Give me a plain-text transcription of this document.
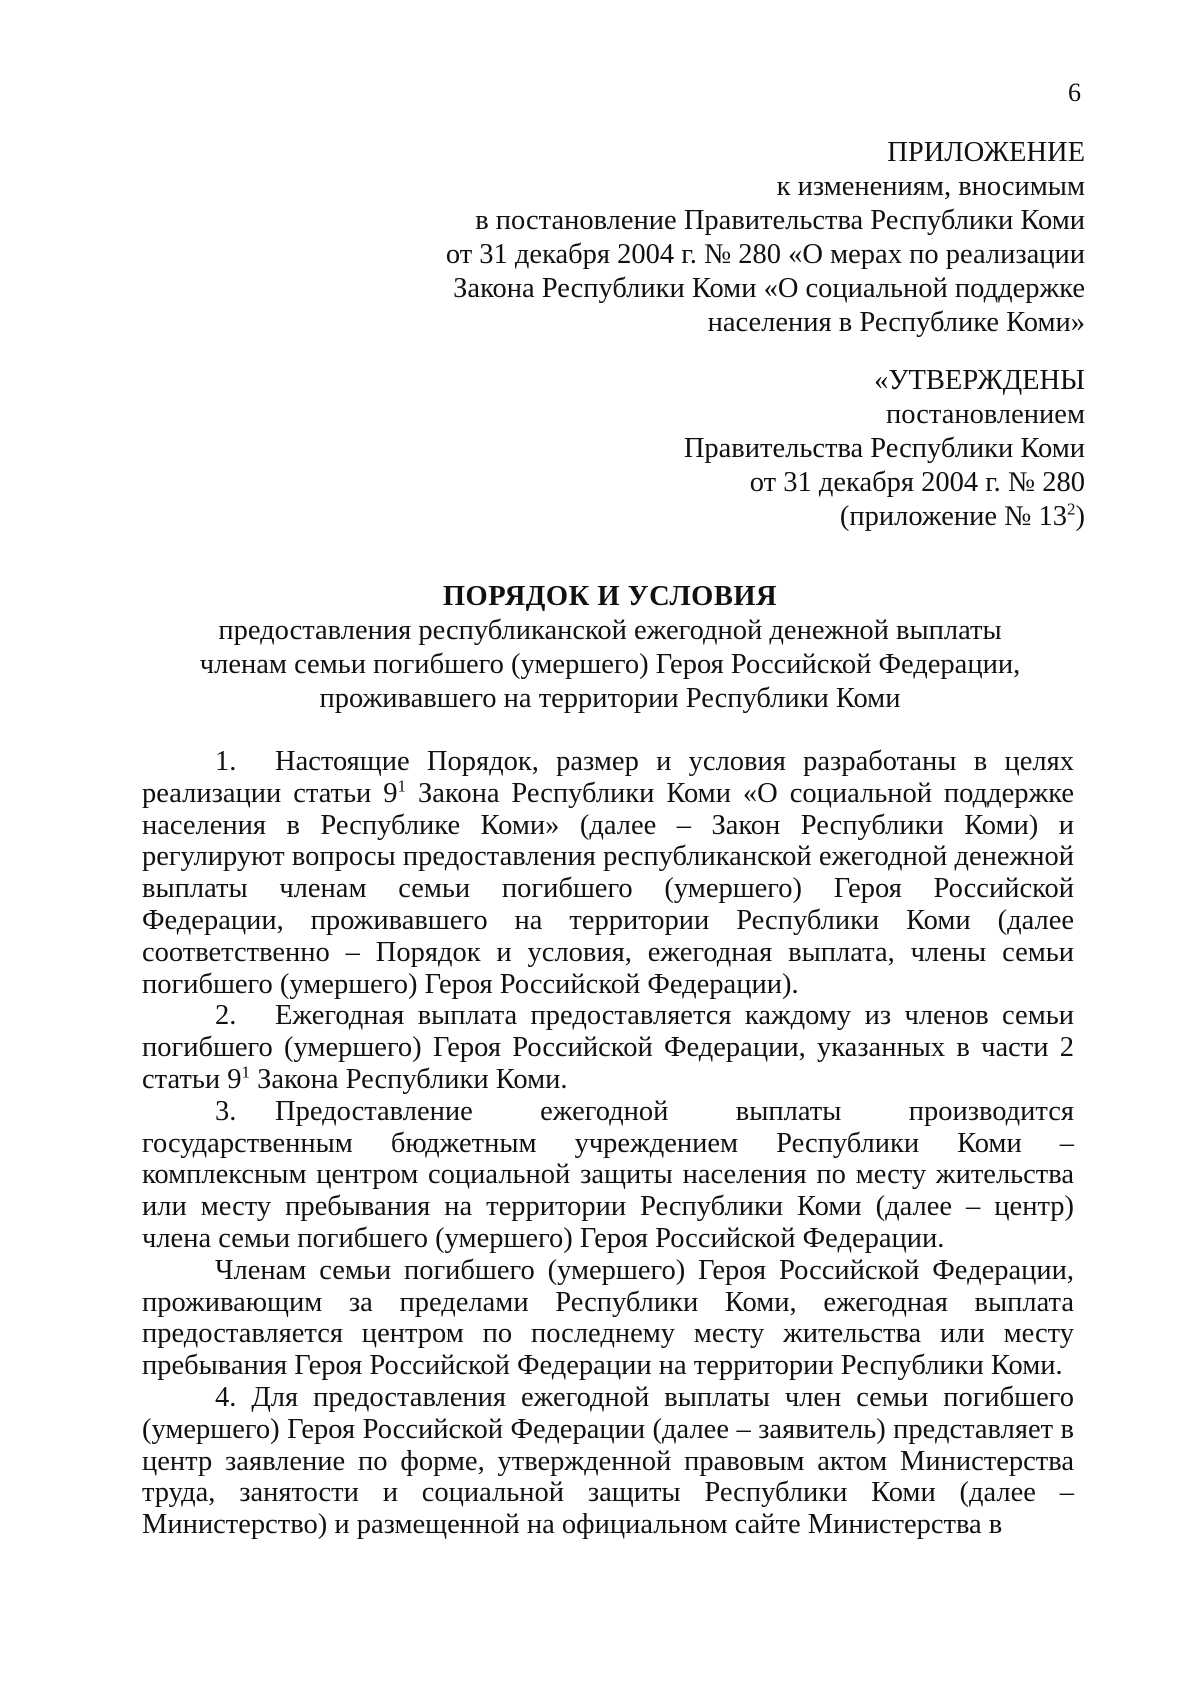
6
ПРИЛОЖЕНИЕ
к изменениям, вносимым
в постановление Правительства Республики Коми
от 31 декабря 2004 г. № 280 «О мерах по реализации
Закона Республики Коми «О социальной поддержке
населения в Республике Коми»
«УТВЕРЖДЕНЫ
постановлением
Правительства Республики Коми
от 31 декабря 2004 г. № 280
(приложение № $13^2$)
ПОРЯДОК И УСЛОВИЯ
предоставления республиканской ежегодной денежной выплаты
членам семьи погибшего (умершего) Героя Российской Федерации,
проживавшего на территории Республики Коми

1. Настоящие Порядок, размер и условия разработаны в целях реализации статьи $9^1$ Закона Республики Коми «О социальной поддержке населения в Республике Коми» (далее – Закон Республики Коми) и регулируют вопросы предоставления республиканской ежегодной денежной выплаты членам семьи погибшего (умершего) Героя Российской Федерации, проживавшего на территории Республики Коми (далее соответственно – Порядок и условия, ежегодная выплата, члены семьи погибшего (умершего) Героя Российской Федерации).

2. Ежегодная выплата предоставляется каждому из членов семьи погибшего (умершего) Героя Российской Федерации, указанных в части 2 статьи $9^1$ Закона Республики Коми.

3. Предоставление ежегодной выплаты производится государственным бюджетным учреждением Республики Коми – комплексным центром социальной защиты населения по месту жительства или месту пребывания на территории Республики Коми (далее – центр) члена семьи погибшего (умершего) Героя Российской Федерации.

Членам семьи погибшего (умершего) Героя Российской Федерации, проживающим за пределами Республики Коми, ежегодная выплата предоставляется центром по последнему месту жительства или месту пребывания Героя Российской Федерации на территории Республики Коми.

4. Для предоставления ежегодной выплаты член семьи погибшего (умершего) Героя Российской Федерации (далее – заявитель) представляет в центр заявление по форме, утвержденной правовым актом Министерства труда, занятости и социальной защиты Республики Коми (далее – Министерство) и размещенной на официальном сайте Министерства в
